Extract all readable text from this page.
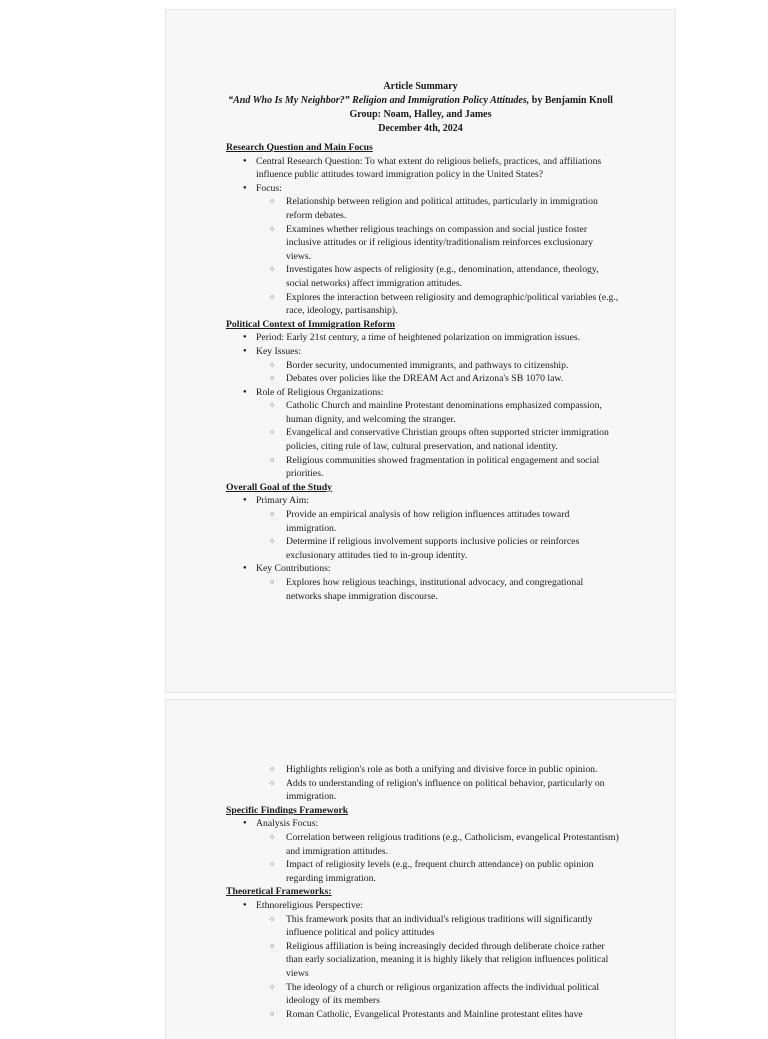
Article Summary
“And Who Is My Neighbor?” Religion and Immigration Policy Attitudes, by Benjamin Knoll
Group: Noam, Halley, and James
December 4th, 2024
Research Question and Main Focus
● Central Research Question: To what extent do religious beliefs, practices, and affiliations influence public attitudes toward immigration policy in the United States?
● Focus:
○ Relationship between religion and political attitudes, particularly in immigration reform debates.
○ Examines whether religious teachings on compassion and social justice foster inclusive attitudes or if religious identity/traditionalism reinforces exclusionary views.
○ Investigates how aspects of religiosity (e.g., denomination, attendance, theology, social networks) affect immigration attitudes.
○ Explores the interaction between religiosity and demographic/political variables (e.g., race, ideology, partisanship).
Political Context of Immigration Reform
● Period: Early 21st century, a time of heightened polarization on immigration issues.
● Key Issues:
○ Border security, undocumented immigrants, and pathways to citizenship.
○ Debates over policies like the DREAM Act and Arizona's SB 1070 law.
● Role of Religious Organizations:
○ Catholic Church and mainline Protestant denominations emphasized compassion, human dignity, and welcoming the stranger.
○ Evangelical and conservative Christian groups often supported stricter immigration policies, citing rule of law, cultural preservation, and national identity.
○ Religious communities showed fragmentation in political engagement and social priorities.
Overall Goal of the Study
● Primary Aim:
○ Provide an empirical analysis of how religion influences attitudes toward immigration.
○ Determine if religious involvement supports inclusive policies or reinforces exclusionary attitudes tied to in-group identity.
● Key Contributions:
○ Explores how religious teachings, institutional advocacy, and congregational networks shape immigration discourse.
○ Highlights religion's role as both a unifying and divisive force in public opinion.
○ Adds to understanding of religion's influence on political behavior, particularly on immigration.
Specific Findings Framework
● Analysis Focus:
○ Correlation between religious traditions (e.g., Catholicism, evangelical Protestantism) and immigration attitudes.
○ Impact of religiosity levels (e.g., frequent church attendance) on public opinion regarding immigration.
Theoretical Frameworks:
● Ethnoreligious Perspective:
○ This framework posits that an individual's religious traditions will significantly influence political and policy attitudes
○ Religious affiliation is being increasingly decided through deliberate choice rather than early socialization, meaning it is highly likely that religion influences political views
○ The ideology of a church or religious organization affects the individual political ideology of its members
○ Roman Catholic, Evangelical Protestants and Mainline protestant elites have
